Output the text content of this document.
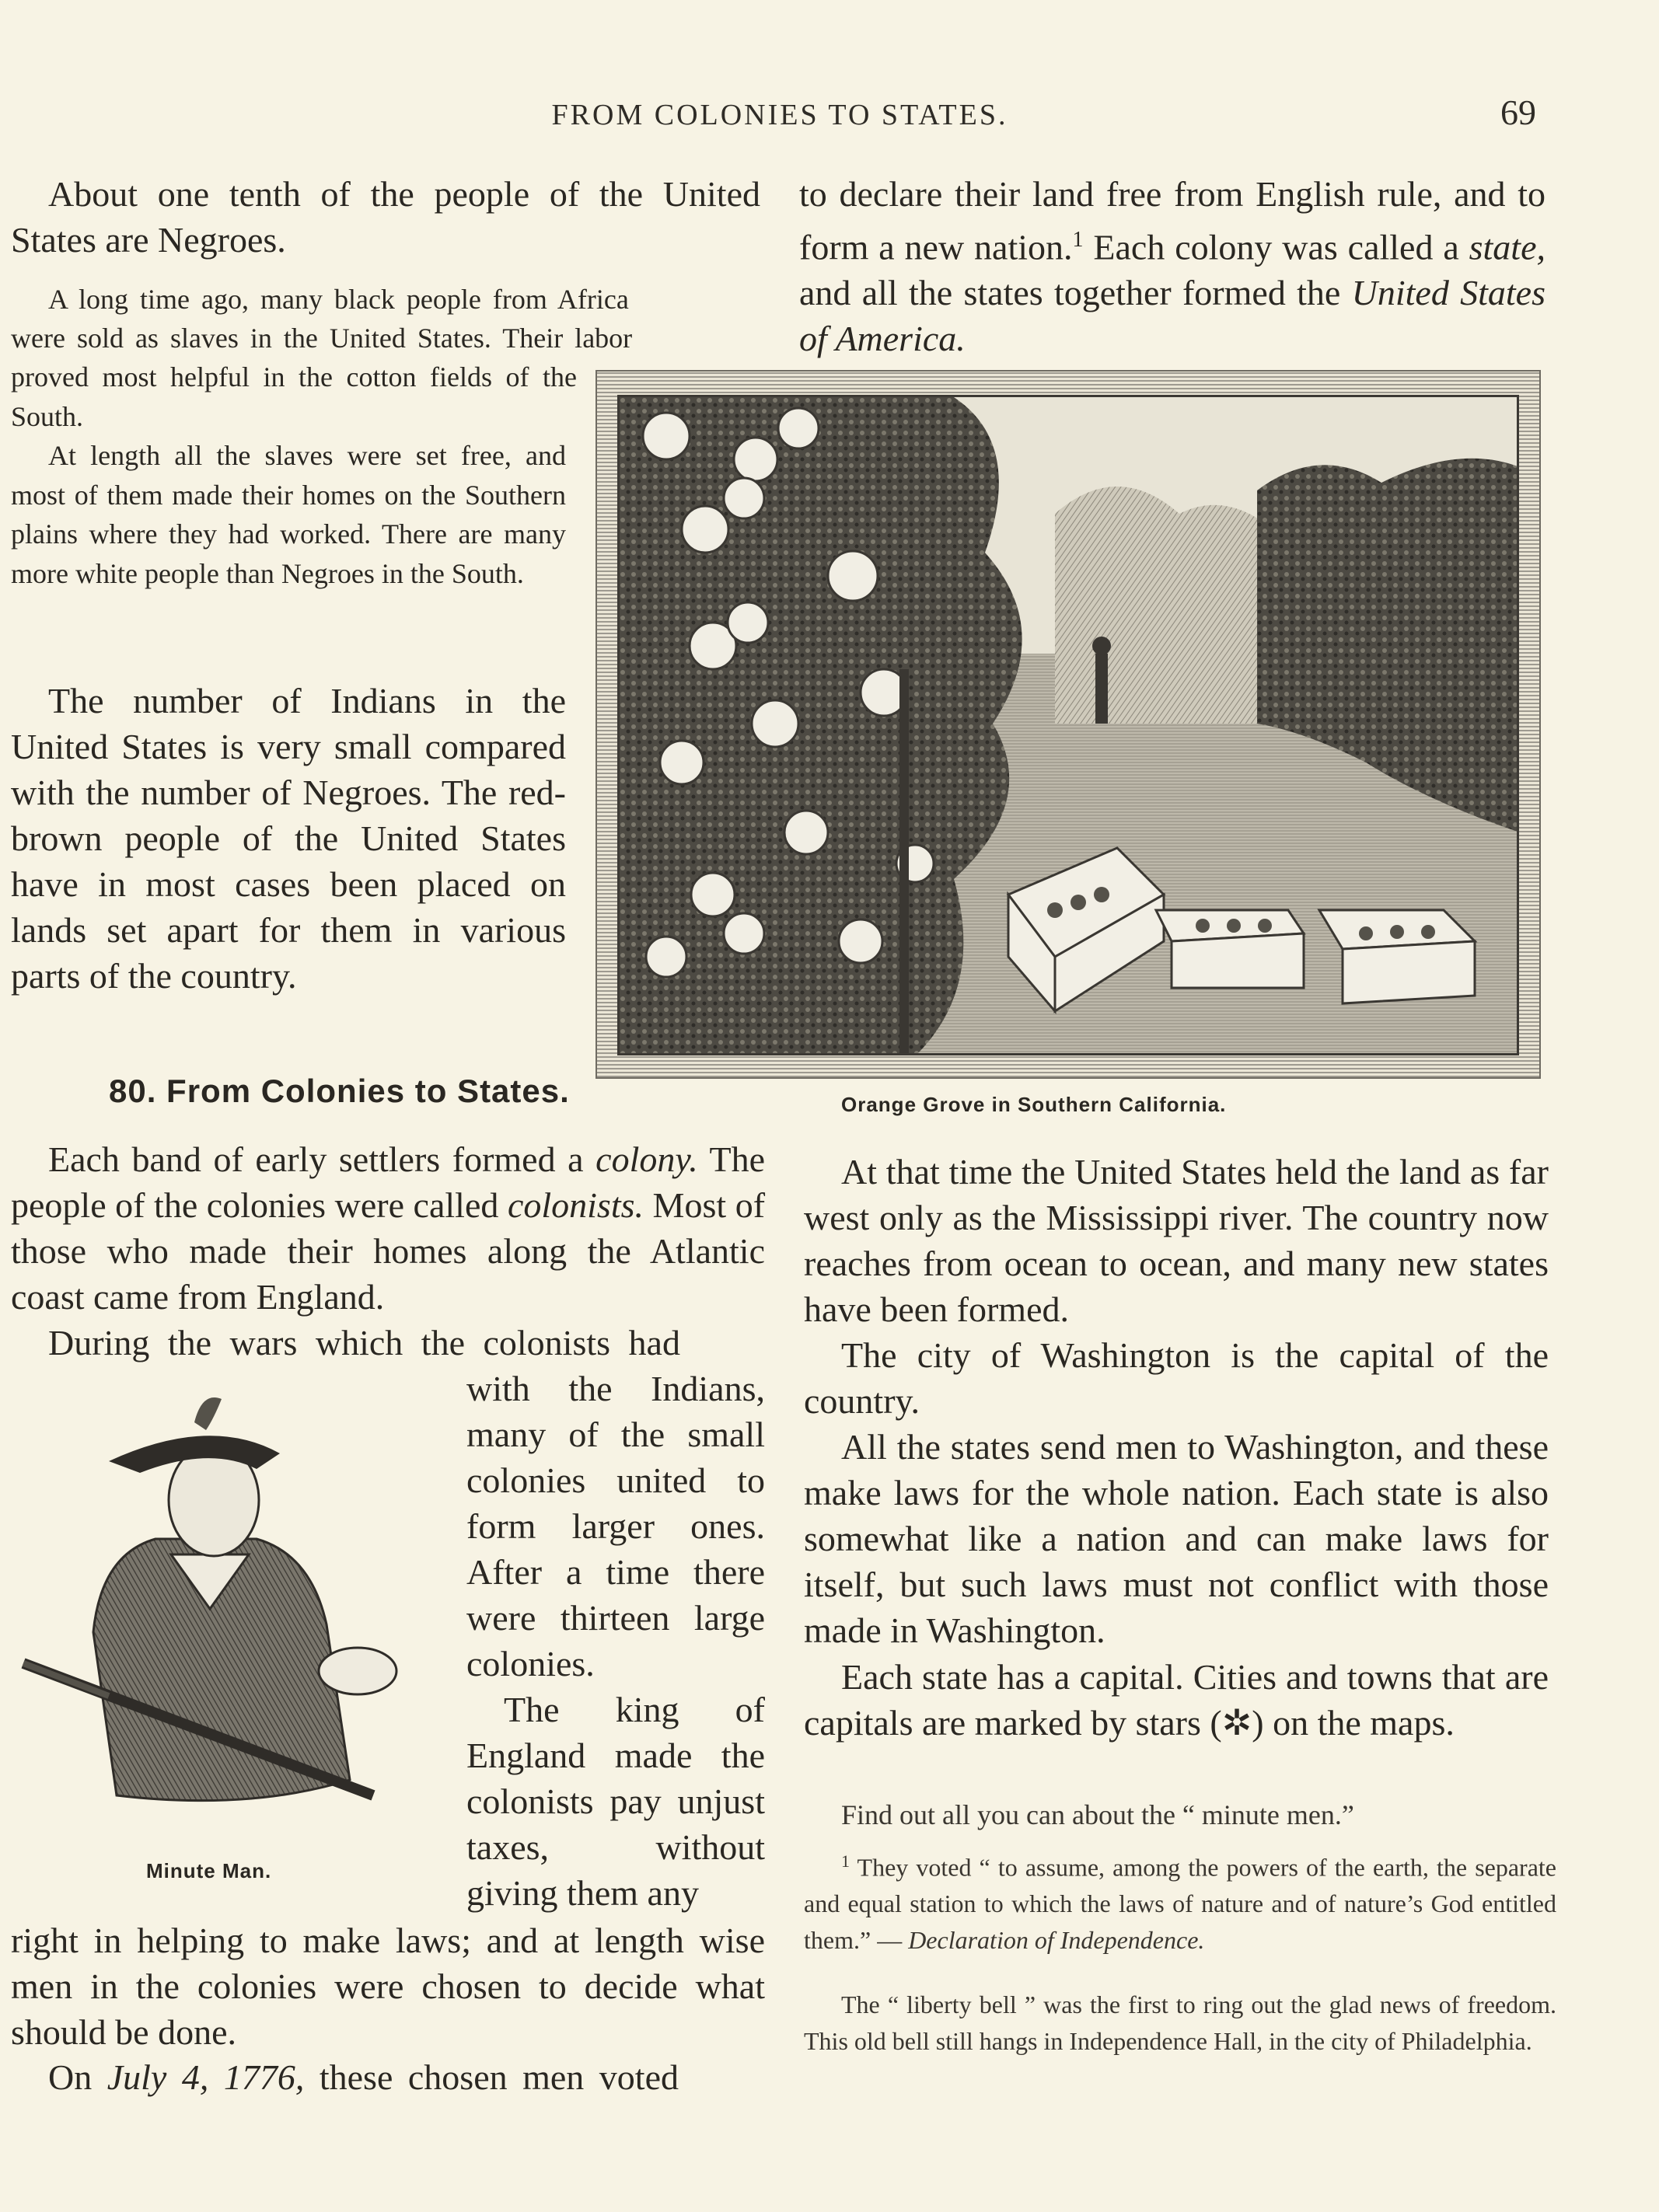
FROM COLONIES TO STATES.	69

About one tenth of the people of the United States are Negroes.

A long time ago, many black people from Africa

were sold as slaves in the United States. Their labor

proved most helpful in the cotton fields of the South.

At length all the slaves were set free, and most of them made their homes on the Southern plains where they had worked. There are many more white people than Negroes in the South.

The number of Indians in the United States is very small compared with the number of Negroes. The red-brown people of the United States have in most cases been placed on lands set apart for them in various parts of the country.

Orange Grove in Southern California.
80. From Colonies to States.

Each band of early settlers formed a colony. The people of the colonies were called colonists. Most of those who made their homes along the Atlantic coast came from England.

During the wars which the colonists had

with the Indians, many of the small colonies united to form larger ones. After a time there were thirteen large colonies.

The king of England made the colonists pay unjust taxes, without giving them any

right in helping to make laws; and at length wise men in the colonies were chosen to decide what should be done.

On July 4, 1776, these chosen men voted

Minute Man.

to declare their land free from English rule, and to form a new nation.$^1$ Each colony was called a state, and all the states together formed the United States of America.

At that time the United States held the land as far west only as the Mississippi river. The country now reaches from ocean to ocean, and many new states have been formed.

The city of Washington is the capital of the country.

All the states send men to Washington, and these make laws for the whole nation. Each state is also somewhat like a nation and can make laws for itself, but such laws must not conflict with those made in Washington.

Each state has a capital. Cities and towns that are capitals are marked by stars (✲) on the maps.

Find out all you can about the “ minute men.”

$^1$ They voted “ to assume, among the powers of the earth, the separate and equal station to which the laws of nature and of nature’s God entitled them.” — Declaration of Independence.

The “ liberty bell ” was the first to ring out the glad news of freedom. This old bell still hangs in Independence Hall, in the city of Philadelphia.
